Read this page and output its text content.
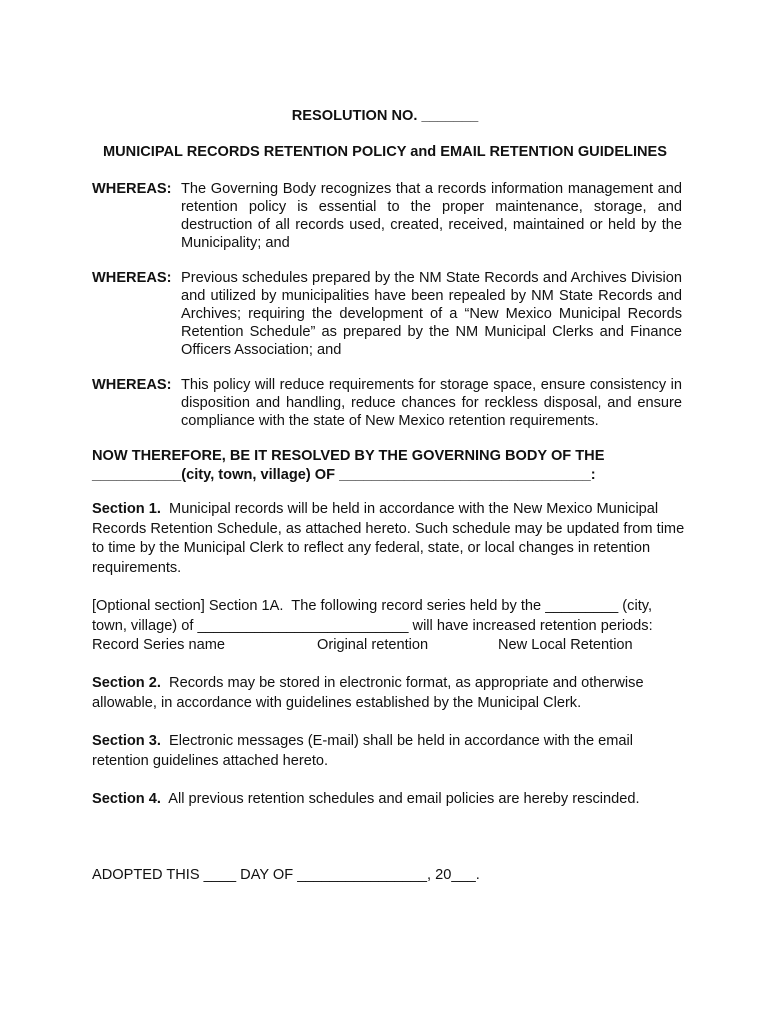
RESOLUTION NO. _______
MUNICIPAL RECORDS RETENTION POLICY and EMAIL RETENTION GUIDELINES
WHEREAS: The Governing Body recognizes that a records information management and retention policy is essential to the proper maintenance, storage, and destruction of all records used, created, received, maintained or held by the Municipality; and
WHEREAS: Previous schedules prepared by the NM State Records and Archives Division and utilized by municipalities have been repealed by NM State Records and Archives; requiring the development of a “New Mexico Municipal Records Retention Schedule” as prepared by the NM Municipal Clerks and Finance Officers Association; and
WHEREAS: This policy will reduce requirements for storage space, ensure consistency in disposition and handling, reduce chances for reckless disposal, and ensure compliance with the state of New Mexico retention requirements.
NOW THEREFORE, BE IT RESOLVED BY THE GOVERNING BODY OF THE
___________(city, town, village) OF _______________________________:
Section 1. Municipal records will be held in accordance with the New Mexico Municipal Records Retention Schedule, as attached hereto. Such schedule may be updated from time to time by the Municipal Clerk to reflect any federal, state, or local changes in retention requirements.
[Optional section] Section 1A.  The following record series held by the _________ (city,
town, village) of __________________________ will have increased retention periods:
Record Series name	Original retention	New Local Retention
Section 2. Records may be stored in electronic format, as appropriate and otherwise allowable, in accordance with guidelines established by the Municipal Clerk.
Section 3. Electronic messages (E-mail) shall be held in accordance with the email retention guidelines attached hereto.
Section 4. All previous retention schedules and email policies are hereby rescinded.
ADOPTED THIS ____ DAY OF ________________, 20___.
